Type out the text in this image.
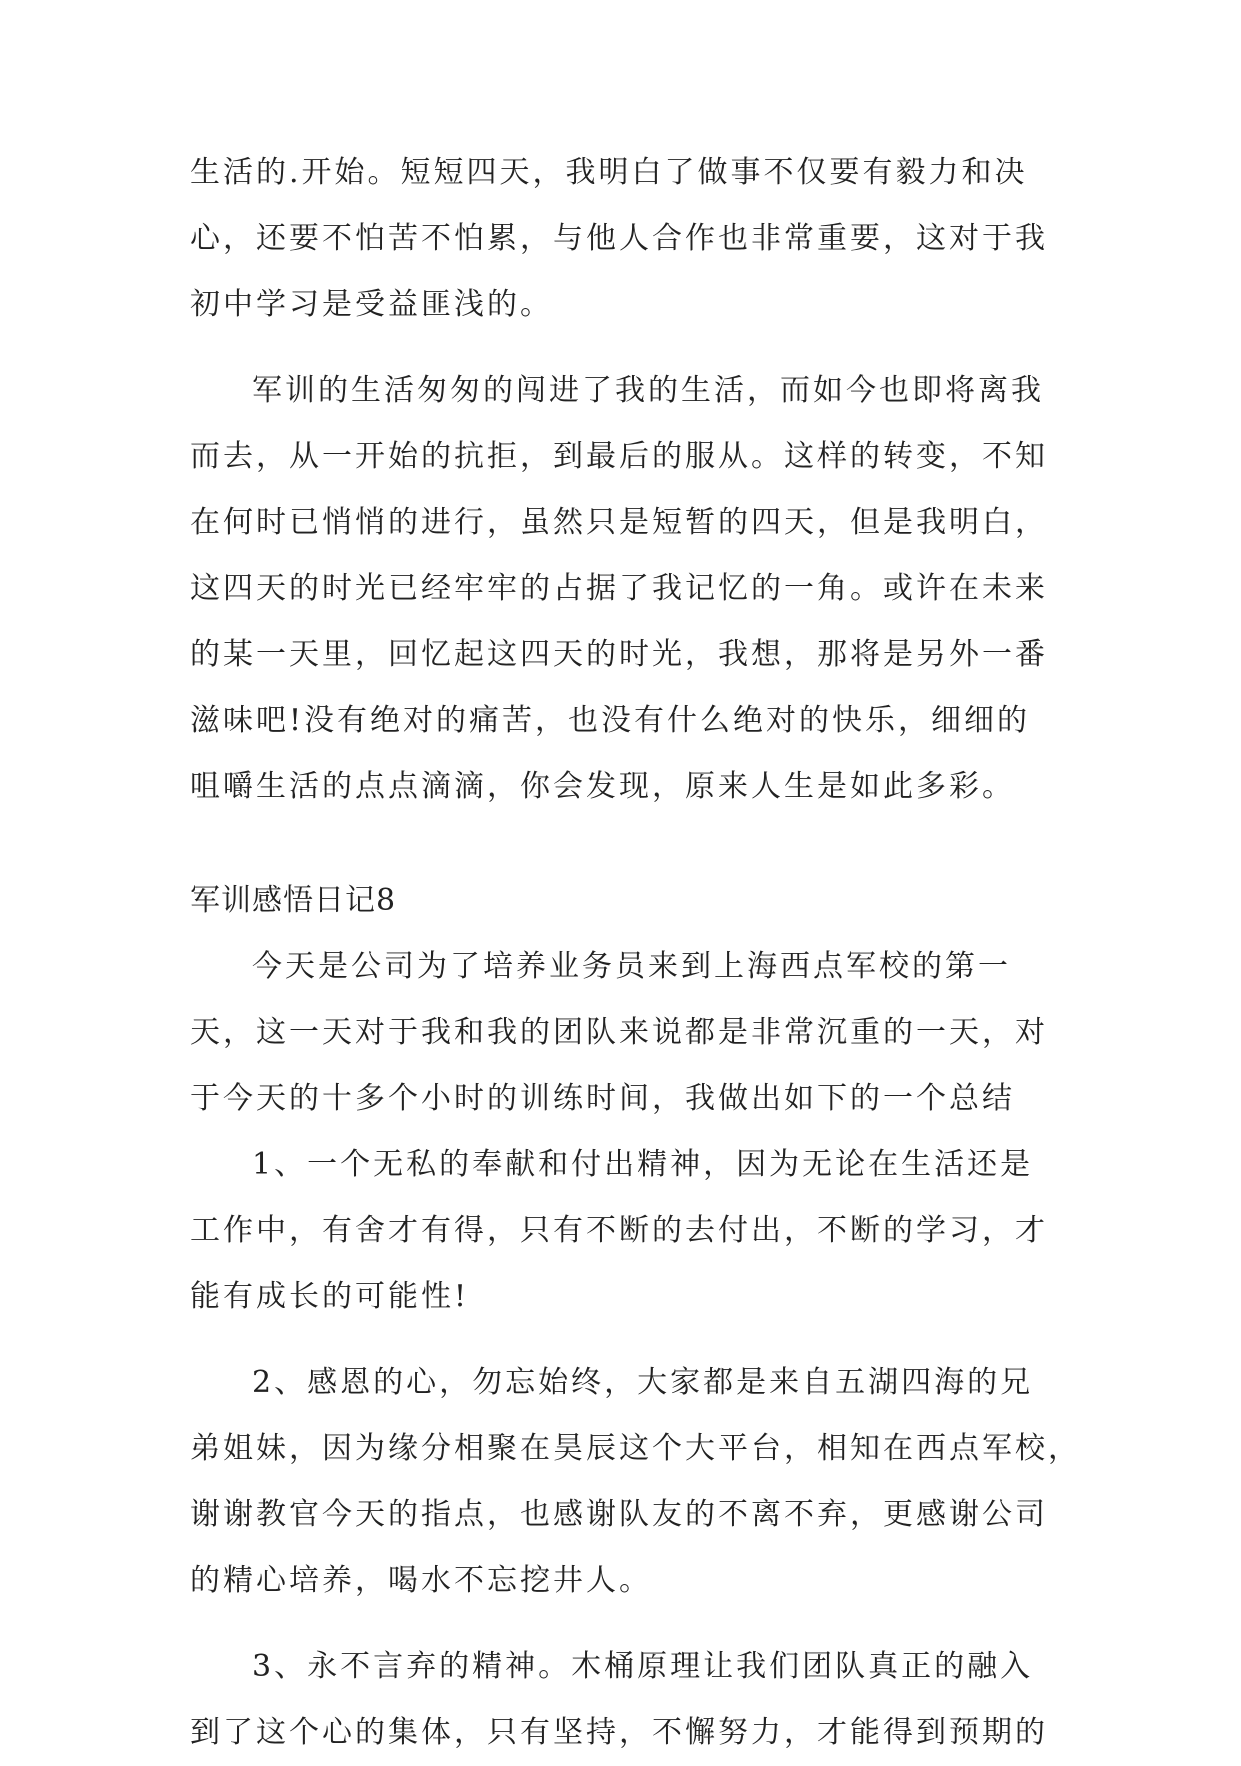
生活的.开始。短短四天，我明白了做事不仅要有毅力和决
心，还要不怕苦不怕累，与他人合作也非常重要，这对于我
初中学习是受益匪浅的。
军训的生活匆匆的闯进了我的生活，而如今也即将离我
而去，从一开始的抗拒，到最后的服从。这样的转变，不知
在何时已悄悄的进行，虽然只是短暂的四天，但是我明白，
这四天的时光已经牢牢的占据了我记忆的一角。或许在未来
的某一天里，回忆起这四天的时光，我想，那将是另外一番
滋味吧!没有绝对的痛苦，也没有什么绝对的快乐，细细的
咀嚼生活的点点滴滴，你会发现，原来人生是如此多彩。
军训感悟日记8
今天是公司为了培养业务员来到上海西点军校的第一
天，这一天对于我和我的团队来说都是非常沉重的一天，对
于今天的十多个小时的训练时间，我做出如下的一个总结
1、一个无私的奉献和付出精神，因为无论在生活还是
工作中，有舍才有得，只有不断的去付出，不断的学习，才
能有成长的可能性!
2、感恩的心，勿忘始终，大家都是来自五湖四海的兄
弟姐妹，因为缘分相聚在昊辰这个大平台，相知在西点军校，
谢谢教官今天的指点，也感谢队友的不离不弃，更感谢公司
的精心培养，喝水不忘挖井人。
3、永不言弃的精神。木桶原理让我们团队真正的融入
到了这个心的集体，只有坚持，不懈努力，才能得到预期的
